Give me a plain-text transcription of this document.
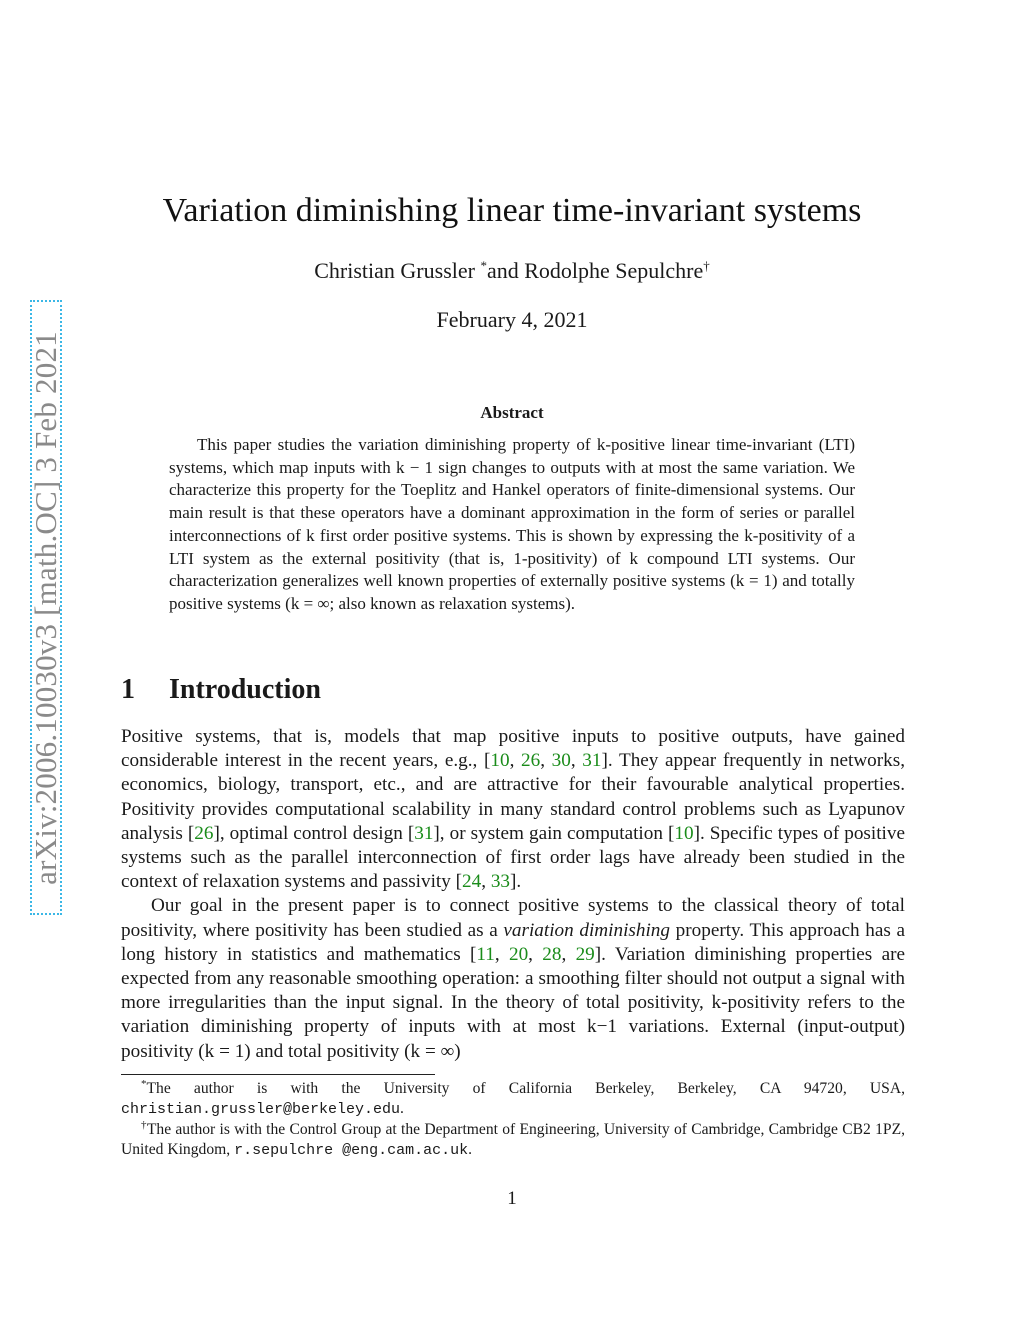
arXiv:2006.10030v3 [math.OC] 3 Feb 2021
Variation diminishing linear time-invariant systems
Christian Grussler *and Rodolphe Sepulchre†
February 4, 2021
Abstract
This paper studies the variation diminishing property of k-positive linear time-invariant (LTI) systems, which map inputs with k − 1 sign changes to outputs with at most the same variation. We characterize this property for the Toeplitz and Hankel operators of finite-dimensional systems. Our main result is that these operators have a dominant approximation in the form of series or parallel interconnections of k first order positive systems. This is shown by expressing the k-positivity of a LTI system as the external positivity (that is, 1-positivity) of k compound LTI systems. Our characterization generalizes well known properties of externally positive systems (k = 1) and totally positive systems (k = ∞; also known as relaxation systems).
1 Introduction

Positive systems, that is, models that map positive inputs to positive outputs, have gained considerable interest in the recent years, e.g., [10, 26, 30, 31]. They appear frequently in networks, economics, biology, transport, etc., and are attractive for their favourable analytical properties. Positivity provides computational scalability in many standard control problems such as Lyapunov analysis [26], optimal control design [31], or system gain computation [10]. Specific types of positive systems such as the parallel interconnection of first order lags have already been studied in the context of relaxation systems and passivity [24, 33].

Our goal in the present paper is to connect positive systems to the classical theory of total positivity, where positivity has been studied as a variation diminishing property. This approach has a long history in statistics and mathematics [11, 20, 28, 29]. Variation diminishing properties are expected from any reasonable smoothing operation: a smoothing filter should not output a signal with more irregularities than the input signal. In the theory of total positivity, k-positivity refers to the variation diminishing property of inputs with at most k−1 variations. External (input-output) positivity (k = 1) and total positivity (k = ∞)

*The author is with the University of California Berkeley, Berkeley, CA 94720, USA, christian.grussler@berkeley.edu.

†The author is with the Control Group at the Department of Engineering, University of Cambridge, Cambridge CB2 1PZ, United Kingdom, r.sepulchre @eng.cam.ac.uk.

1
